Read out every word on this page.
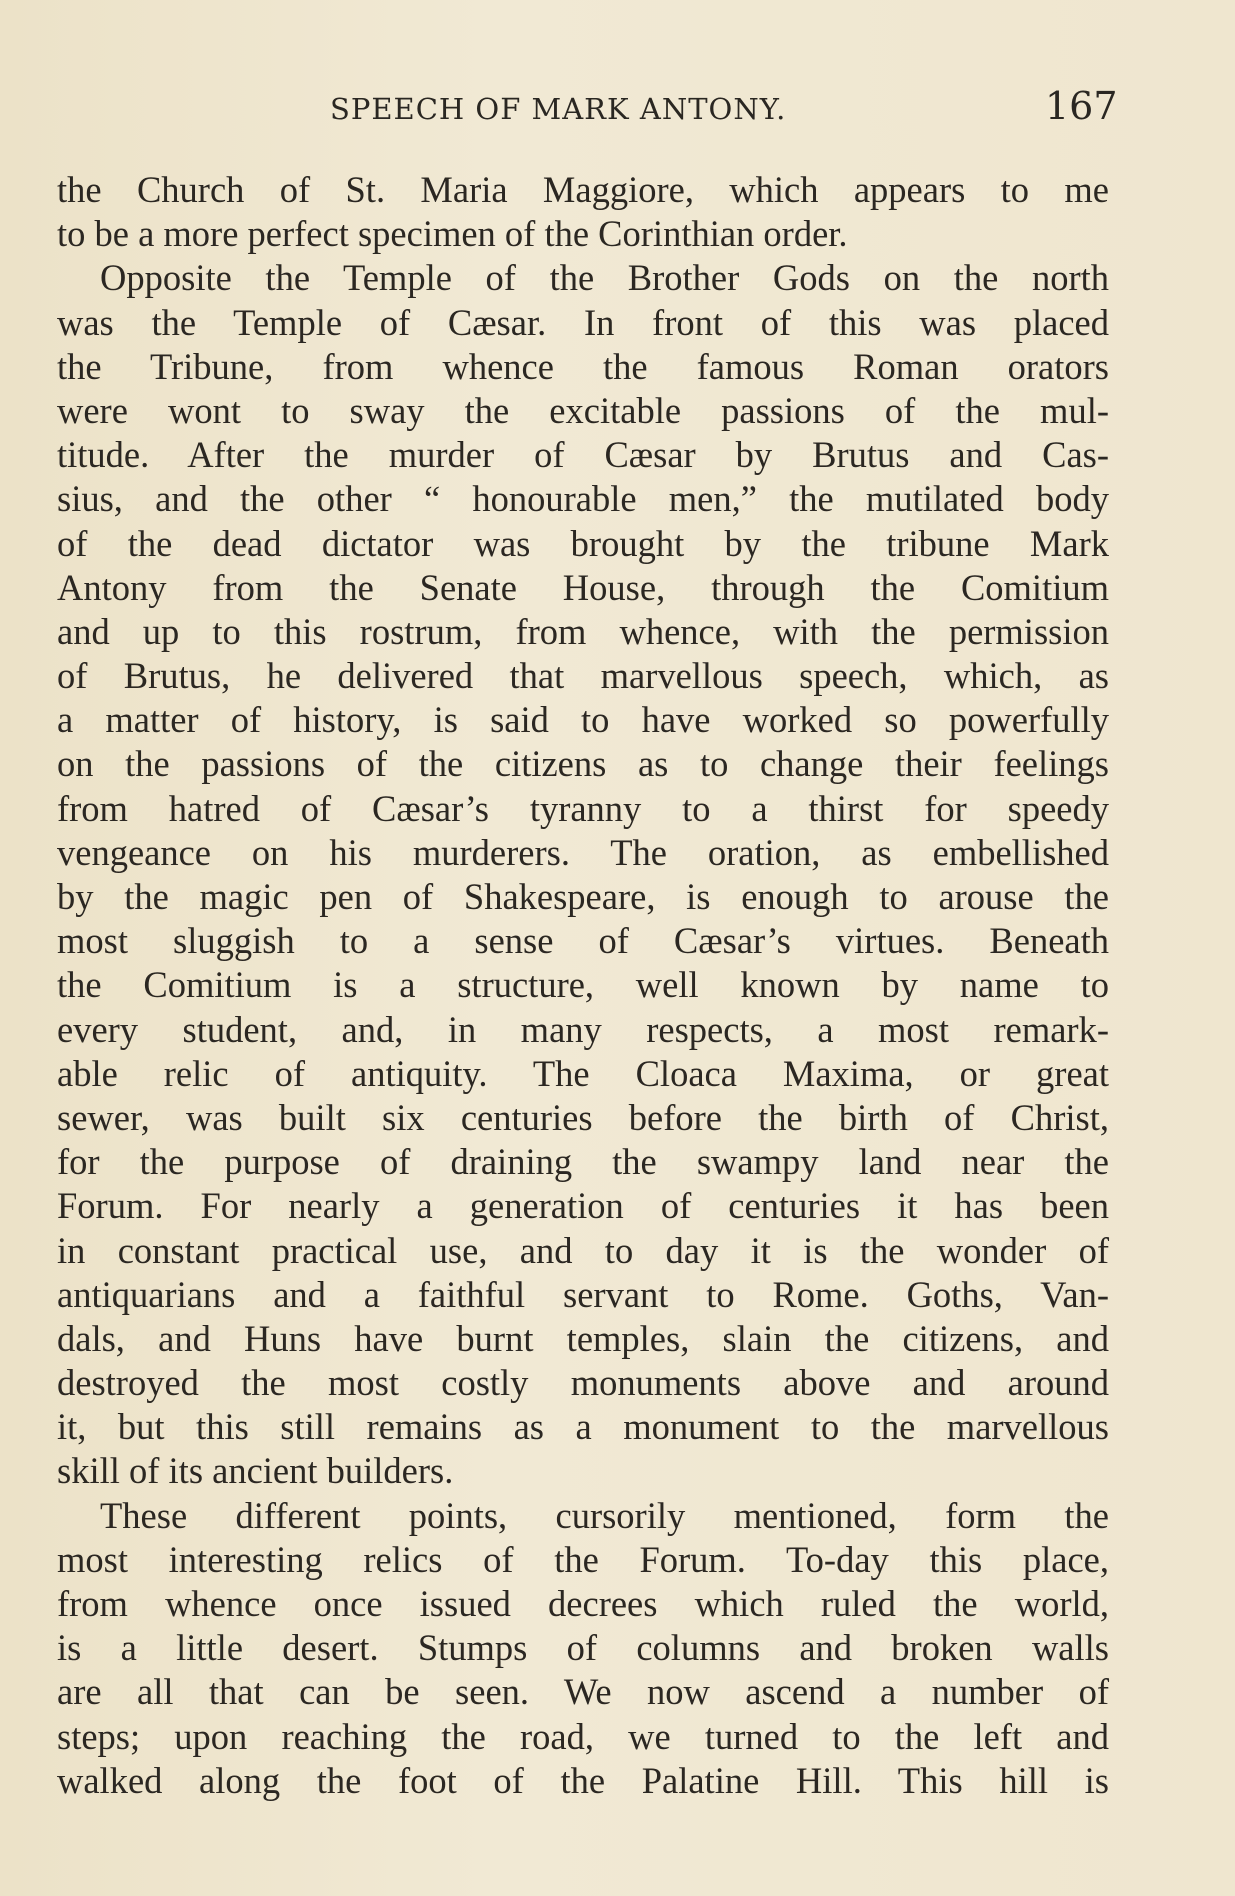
SPEECH OF MARK ANTONY.	167
the Church of St. Maria Maggiore, which appears to me
to be a more perfect specimen of the Corinthian order.
Opposite the Temple of the Brother Gods on the north
was the Temple of Cæsar. In front of this was placed
the Tribune, from whence the famous Roman orators
were wont to sway the excitable passions of the mul-
titude. After the murder of Cæsar by Brutus and Cas-
sius, and the other “ honourable men,” the mutilated body
of the dead dictator was brought by the tribune Mark
Antony from the Senate House, through the Comitium
and up to this rostrum, from whence, with the permission
of Brutus, he delivered that marvellous speech, which, as
a matter of history, is said to have worked so powerfully
on the passions of the citizens as to change their feelings
from hatred of Cæsar’s tyranny to a thirst for speedy
vengeance on his murderers. The oration, as embellished
by the magic pen of Shakespeare, is enough to arouse the
most sluggish to a sense of Cæsar’s virtues. Beneath
the Comitium is a structure, well known by name to
every student, and, in many respects, a most remark-
able relic of antiquity. The Cloaca Maxima, or great
sewer, was built six centuries before the birth of Christ,
for the purpose of draining the swampy land near the
Forum. For nearly a generation of centuries it has been
in constant practical use, and to day it is the wonder of
antiquarians and a faithful servant to Rome. Goths, Van-
dals, and Huns have burnt temples, slain the citizens, and
destroyed the most costly monuments above and around
it, but this still remains as a monument to the marvellous
skill of its ancient builders.
These different points, cursorily mentioned, form the
most interesting relics of the Forum. To-day this place,
from whence once issued decrees which ruled the world,
is a little desert. Stumps of columns and broken walls
are all that can be seen. We now ascend a number of
steps; upon reaching the road, we turned to the left and
walked along the foot of the Palatine Hill. This hill is
